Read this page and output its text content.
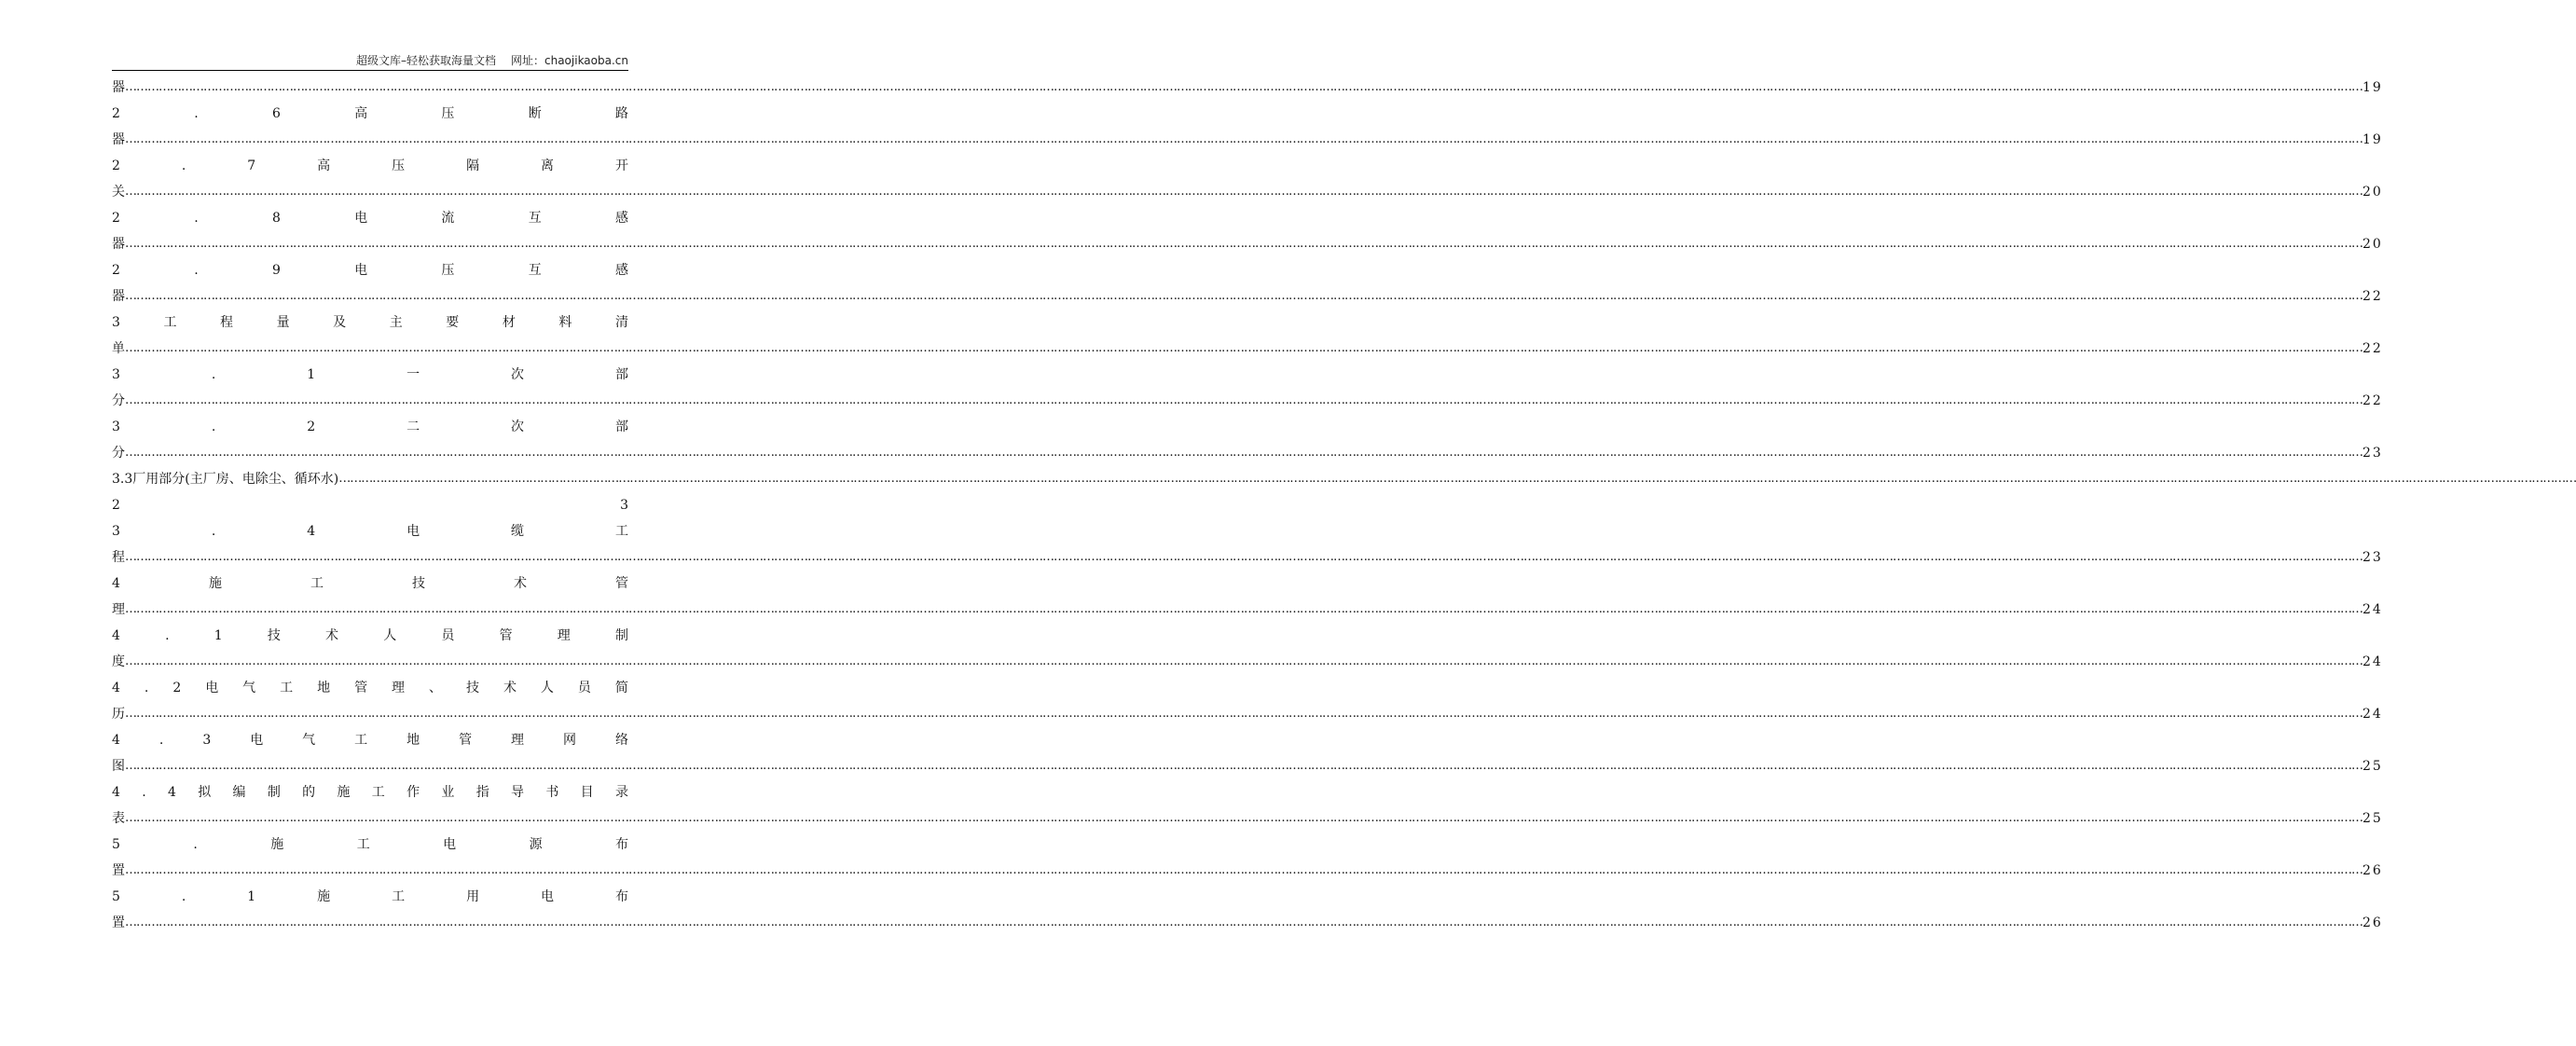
超级文库–轻松获取海量文档 网址：chaojikaoba.cn
器 …………………………………………………………………………………………………………………………………………………………………………………………………………………………………………………………………………………………………………………………………………………………………………………………………………………………………………………………………………………………………………………………………………………… 19
2	.	6	高	压	断	路
器 …………………………………………………………………………………………………………………………………………………………………………………………………………………………………………………………………………………………………………………………………………………………………………………………………………………………………………………………………………………………………………………………………………………… 19
2	.	7	高	压	隔	离	开
关 …………………………………………………………………………………………………………………………………………………………………………………………………………………………………………………………………………………………………………………………………………………………………………………………………………………………………………………………………………………………………………………………………………………… 20
2	.	8	电	流	互	感
器 …………………………………………………………………………………………………………………………………………………………………………………………………………………………………………………………………………………………………………………………………………………………………………………………………………………………………………………………………………………………………………………………………………………… 20
2	.	9	电	压	互	感
器 …………………………………………………………………………………………………………………………………………………………………………………………………………………………………………………………………………………………………………………………………………………………………………………………………………………………………………………………………………………………………………………………………………………… 22
3	工	程	量	及	主	要	材	料	清
单 …………………………………………………………………………………………………………………………………………………………………………………………………………………………………………………………………………………………………………………………………………………………………………………………………………………………………………………………………………………………………………………………………………………… 22
3	.	1	一	次	部
分 …………………………………………………………………………………………………………………………………………………………………………………………………………………………………………………………………………………………………………………………………………………………………………………………………………………………………………………………………………………………………………………………………………………… 22
3	.	2	二	次	部
分 …………………………………………………………………………………………………………………………………………………………………………………………………………………………………………………………………………………………………………………………………………………………………………………………………………………………………………………………………………………………………………………………………………………… 23
3.3厂用部分(主厂房、电除尘、循环水) ……………………………………………………………………………………………………………………………………………………………………………………………………………………………………………………………………………………………………………………………………………………………………………………………………………………………………………………………………………………………………………………………………………………
2	3
3	.	4	电	缆	工
程 …………………………………………………………………………………………………………………………………………………………………………………………………………………………………………………………………………………………………………………………………………………………………………………………………………………………………………………………………………………………………………………………………………………… 23
4	施	工	技	术	管
理 …………………………………………………………………………………………………………………………………………………………………………………………………………………………………………………………………………………………………………………………………………………………………………………………………………………………………………………………………………………………………………………………………………………… 24
4	.	1	技	术	人	员	管	理	制
度 …………………………………………………………………………………………………………………………………………………………………………………………………………………………………………………………………………………………………………………………………………………………………………………………………………………………………………………………………………………………………………………………………………………… 24
4 . 2 电 气 工 地 管 理 、 技 术 人 员 简
历 …………………………………………………………………………………………………………………………………………………………………………………………………………………………………………………………………………………………………………………………………………………………………………………………………………………………………………………………………………………………………………………………………………………… 24
4	.	3	电	气	工	地	管	理	网	络
图 …………………………………………………………………………………………………………………………………………………………………………………………………………………………………………………………………………………………………………………………………………………………………………………………………………………………………………………………………………………………………………………………………………………… 25
4 . 4 拟 编 制 的 施 工 作 业 指 导 书 目 录
表 …………………………………………………………………………………………………………………………………………………………………………………………………………………………………………………………………………………………………………………………………………………………………………………………………………………………………………………………………………………………………………………………………………………… 25
5	.	施	工	电	源	布
置 …………………………………………………………………………………………………………………………………………………………………………………………………………………………………………………………………………………………………………………………………………………………………………………………………………………………………………………………………………………………………………………………………………………… 26
5	.	1	施	工	用	电	布
置 …………………………………………………………………………………………………………………………………………………………………………………………………………………………………………………………………………………………………………………………………………………………………………………………………………………………………………………………………………………………………………………………………………………… 26
